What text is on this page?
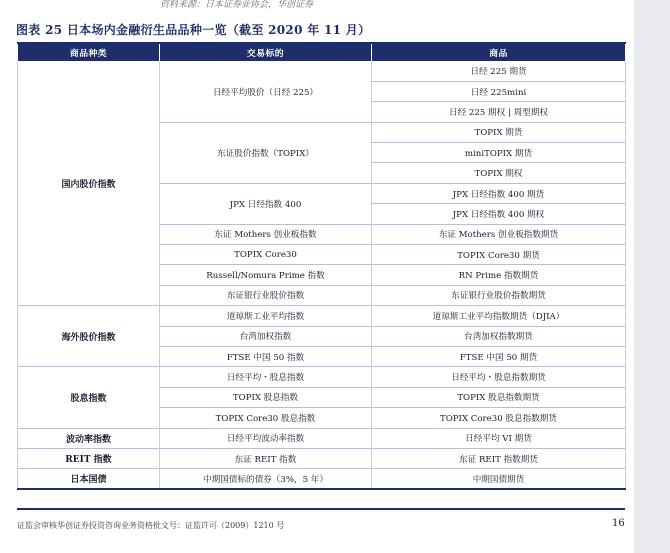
资料来源：日本证券业协会，华创证券
图表 25 日本场内金融衍生品品种一览（截至 2020 年 11 月）
商品种类	交易标的	商品
国内股价指数	日经平均股价（日经 225）	日经 225 期货
		日经 225mini
		日经 225 期权 | 周型期权
	东证股价指数（TOPIX）	TOPIX 期货
		miniTOPIX 期货
		TOPIX 期权
	JPX 日经指数 400	JPX 日经指数 400 期货
		JPX 日经指数 400 期权
	东证 Mothers 创业板指数	东证 Mothers 创业板指数期货
	TOPIX Core30	TOPIX Core30 期货
	Russell/Nomura Prime 指数	RN Prime 指数期货
	东证银行业股价指数	东证银行业股价指数期货
海外股价指数	道琼斯工业平均指数	道琼斯工业平均指数期货（DJIA）
	台湾加权指数	台湾加权指数期货
	FTSE 中国 50 指数	FTSE 中国 50 期货
股息指数	日经平均・股息指数	日经平均・股息指数期货
	TOPIX 股息指数	TOPIX 股息指数期货
	TOPIX Core30 股息指数	TOPIX Core30 股息指数期货
波动率指数	日经平均波动率指数	日经平均 VI 期货
REIT 指数	东证 REIT 指数	东证 REIT 指数期货
日本国债	中期国债标的债券（3%，5 年）	中期国债期货
证监会审核华创证券投资咨询业务资格批文号：证监许可（2009）1210 号	16
